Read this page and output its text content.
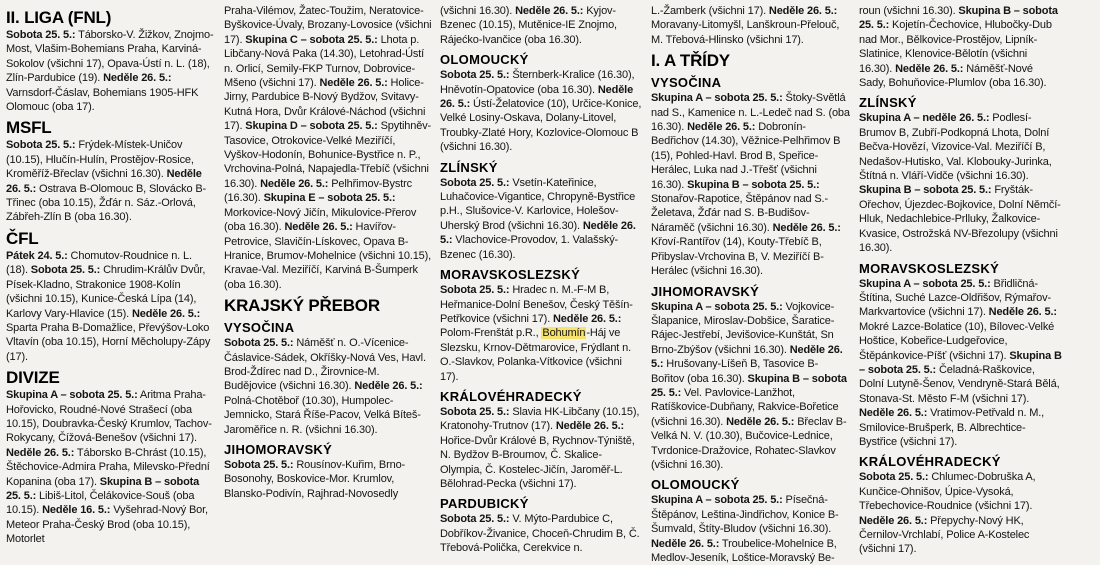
II. LIGA (FNL)

Sobota 25. 5.: Táborsko-V. Žižkov, Znojmo-Most, Vlašim-Bohemians Praha, Karviná-Sokolov (všichni 17), Opava-Ústí n. L. (18), Zlín-Pardubice (19). Neděle 26. 5.: Varnsdorf-Čáslav, Bohemians 1905-HFK Olomouc (oba 17).

MSFL

Sobota 25. 5.: Frýdek-Místek-Uničov (10.15), Hlučín-Hulín, Prostějov-Rosice, Kroměříž-Břeclav (všichni 16.30). Neděle 26. 5.: Ostrava B-Olomouc B, Slovácko B-Třinec (oba 10.15), Žďár n. Sáz.-Orlová, Zábřeh-Zlín B (oba 16.30).

ČFL

Pátek 24. 5.: Chomutov-Roudnice n. L. (18). Sobota 25. 5.: Chrudim-Králův Dvůr, Písek-Kladno, Strakonice 1908-Kolín (všichni 10.15), Kunice-Česká Lípa (14), Karlovy Vary-Hlavice (15). Neděle 26. 5.: Sparta Praha B-Domažlice, Převýšov-Loko Vltavín (oba 10.15), Horní Měcholupy-Zápy (17).

DIVIZE

Skupina A – sobota 25. 5.: Aritma Praha-Hořovicko, Roudné-Nové Strašecí (oba 10.15), Doubravka-Český Krumlov, Tachov-Rokycany, Čížová-Benešov (všichni 17). Neděle 26. 5.: Táborsko B-Chrást (10.15), Štěchovice-Admira Praha, Milevsko-Přední Kopanina (oba 17). Skupina B – sobota 25. 5.: Libiš-Litol, Čelákovice-Souš (oba 10.15). Neděle 16. 5.: Vyšehrad-Nový Bor, Meteor Praha-Český Brod (oba 10.15), Motorlet

Praha-Vilémov, Žatec-Toužim, Neratovice-Byškovice-Úvaly, Brozany-Lovosice (všichni 17). Skupina C – sobota 25. 5.: Lhota p. Libčany-Nová Paka (14.30), Letohrad-Ústí n. Orlicí, Semily-FKP Turnov, Dobrovice-Mšeno (všichni 17). Neděle 26. 5.: Holice-Jirny, Pardubice B-Nový Bydžov, Svitavy-Kutná Hora, Dvůr Králové-Náchod (všichni 17). Skupina D – sobota 25. 5.: Spytihněv-Tasovice, Otrokovice-Velké Meziříčí, Vyškov-Hodonín, Bohunice-Bystřice n. P., Vrchovina-Polná, Napajedla-Třebíč (všichni 16.30). Neděle 26. 5.: Pelhřimov-Bystrc (16.30). Skupina E – sobota 25. 5.: Morkovice-Nový Jičín, Mikulovice-Přerov (oba 16.30). Neděle 26. 5.: Havířov-Petrovice, Slavičín-Lískovec, Opava B-Hranice, Brumov-Mohelnice (všichni 10.15), Kravae-Val. Meziříčí, Karviná B-Šumperk (oba 16.30).

KRAJSKÝ PŘEBOR
VYSOČINA

Sobota 25. 5.: Náměšť n. O.-Vícenice-Čáslavice-Sádek, Okříšky-Nová Ves, Havl. Brod-Ždírec nad D., Žirovnice-M. Budějovice (všichni 16.30). Neděle 26. 5.: Polná-Chotěboř (10.30), Humpolec-Jemnicko, Stará Říše-Pacov, Velká Bíteš-Jaroměřice n. R. (všichni 16.30).

JIHOMORAVSKÝ

Sobota 25. 5.: Rousínov-Kuřim, Brno-Bosonohy, Boskovice-Mor. Krumlov, Blansko-Podivín, Rajhrad-Novosedly

(všichni 16.30). Neděle 26. 5.: Kyjov-Bzenec (10.15), Mutěnice-IE Znojmo, Rájećko-Ivančice (oba 16.30).

OLOMOUCKÝ

Sobota 25. 5.: Šternberk-Kralice (16.30), Hněvotín-Opatovice (oba 16.30). Neděle 26. 5.: Ústí-Želatovice (10), Určice-Konice, Velké Losiny-Oskava, Dolany-Litovel, Troubky-Zlaté Hory, Kozlovice-Olomouc B (všichni 16.30).

ZLÍNSKÝ

Sobota 25. 5.: Vsetín-Kateřinice, Luhačovice-Vigantice, Chropyně-Bystřice p.H., Slušovice-V. Karlovice, Holešov-Uherský Brod (všichni 16.30). Neděle 26. 5.: Vlachovice-Provodov, 1. Valašský-Bzenec (16.30).

MORAVSKOSLEZSKÝ

Sobota 25. 5.: Hradec n. M.-F-M B, Heřmanice-Dolní Benešov, Český Těšín-Petřkovice (všichni 17). Neděle 26. 5.: Polom-Frenštát p.R., Bohumín-Háj ve Slezsku, Krnov-Dětmarovice, Frýdlant n. O.-Slavkov, Polanka-Vítkovice (všichni 17).

KRÁLOVÉHRADECKÝ

Sobota 25. 5.: Slavia HK-Libčany (10.15), Kratonohy-Trutnov (17). Neděle 26. 5.: Hořice-Dvůr Králové B, Rychnov-Týniště, N. Bydžov B-Broumov, Č. Skalice-Olympia, Č. Kostelec-Jičín, Jaroměř-L. Bělohrad-Pecka (všichni 17).

PARDUBICKÝ

Sobota 25. 5.: V. Mýto-Pardubice C, Dobříkov-Živanice, Choceň-Chrudim B, Č. Třebová-Polička, Cerekvice n.

L.-Žamberk (všichni 17). Neděle 26. 5.: Moravany-Litomyšl, Lanškroun-Přelouč, M. Třebová-Hlinsko (všichni 17).

I. A TŘÍDY
VYSOČINA

Skupina A – sobota 25. 5.: Štoky-Světlá nad S., Kamenice n. L.-Ledeč nad S. (oba 16.30). Neděle 26. 5.: Dobronín-Bedřichov (14.30), Věžnice-Pelhřimov B (15), Pohled-Havl. Brod B, Speřice-Herálec, Luka nad J.-Třešť (všichni 16.30). Skupina B – sobota 25. 5.: Stonařov-Rapotice, Štěpánov nad S.-Želetava, Žďár nad S. B-Budišov-Náraměč (všichni 16.30). Neděle 26. 5.: Křoví-Rantířov (14), Kouty-Třebíč B, Přibyslav-Vrchovina B, V. Meziříčí B-Herálec (všichni 16.30).

JIHOMORAVSKÝ

Skupina A – sobota 25. 5.: Vojkovice-Šlapanice, Miroslav-Dobšice, Šaratice-Rájec-Jestřebí, Jevišovice-Kunštát, Sn Brno-Zbýšov (všichni 16.30). Neděle 26. 5.: Hrušovany-Líšeň B, Tasovice B-Bořitov (oba 16.30). Skupina B – sobota 25. 5.: Vel. Pavlovice-Lanžhot, Ratíškovice-Dubňany, Rakvice-Bořetice (všichni 16.30). Neděle 26. 5.: Břeclav B-Velká N. V. (10.30), Bučovice-Lednice, Tvrdonice-Dražovice, Rohatec-Slavkov (všichni 16.30).

OLOMOUCKÝ

Skupina A – sobota 25. 5.: Písečná-Štěpánov, Leština-Jindřichov, Konice B-Šumvald, Štíty-Bludov (všichni 16.30). Neděle 26. 5.: Troubelice-Mohelnice B, Medlov-Jeseník, Loštice-Moravský Be-

roun (všichni 16.30). Skupina B – sobota 25. 5.: Kojetín-Čechovice, Hlubočky-Dub nad Mor., Bělkovice-Prostějov, Lipník-Slatinice, Klenovice-Bělotín (všichni 16.30). Neděle 26. 5.: Náměšť-Nové Sady, Bohuňovice-Plumlov (oba 16.30).

ZLÍNSKÝ

Skupina A – neděle 26. 5.: Podlesí-Brumov B, Zubří-Podkopná Lhota, Dolní Bečva-Hovězí, Vizovice-Val. Meziříčí B, Nedašov-Hutisko, Val. Klobouky-Jurinka, Štítná n. Vláří-Vidče (všichni 16.30). Skupina B – sobota 25. 5.: Fryšták-Ořechov, Újezdec-Bojkovice, Dolní Němčí-Hluk, Nedachlebice-Prlluky, Žalkovice-Kvasice, Ostrožská NV-Březolupy (všichni 16.30).

MORAVSKOSLEZSKÝ

Skupina A – sobota 25. 5.: Břidličná-Štítina, Suché Lazce-Oldřišov, Rýmařov-Markvartovice (všichni 17). Neděle 26. 5.: Mokré Lazce-Bolatice (10), Bílovec-Velké Hoštice, Kobeřice-Ludgeřovice, Štěpánkovice-Píšť (všichni 17). Skupina B – sobota 25. 5.: Čeladná-Raškovice, Dolní Lutyně-Šenov, Vendryně-Stará Bělá, Stonava-St. Město F-M (všichni 17). Neděle 26. 5.: Vratimov-Petřvald n. M., Smilovice-Brušperk, B. Albrechtice-Bystřice (všichni 17).

KRÁLOVÉHRADECKÝ

Sobota 25. 5.: Chlumec-Dobruška A, Kunčice-Ohnišov, Úpice-Vysoká, Třebechovice-Roudnice (všichni 17). Neděle 26. 5.: Přepychy-Nový HK, Černilov-Vrchlabí, Police A-Kostelec (všichni 17).
